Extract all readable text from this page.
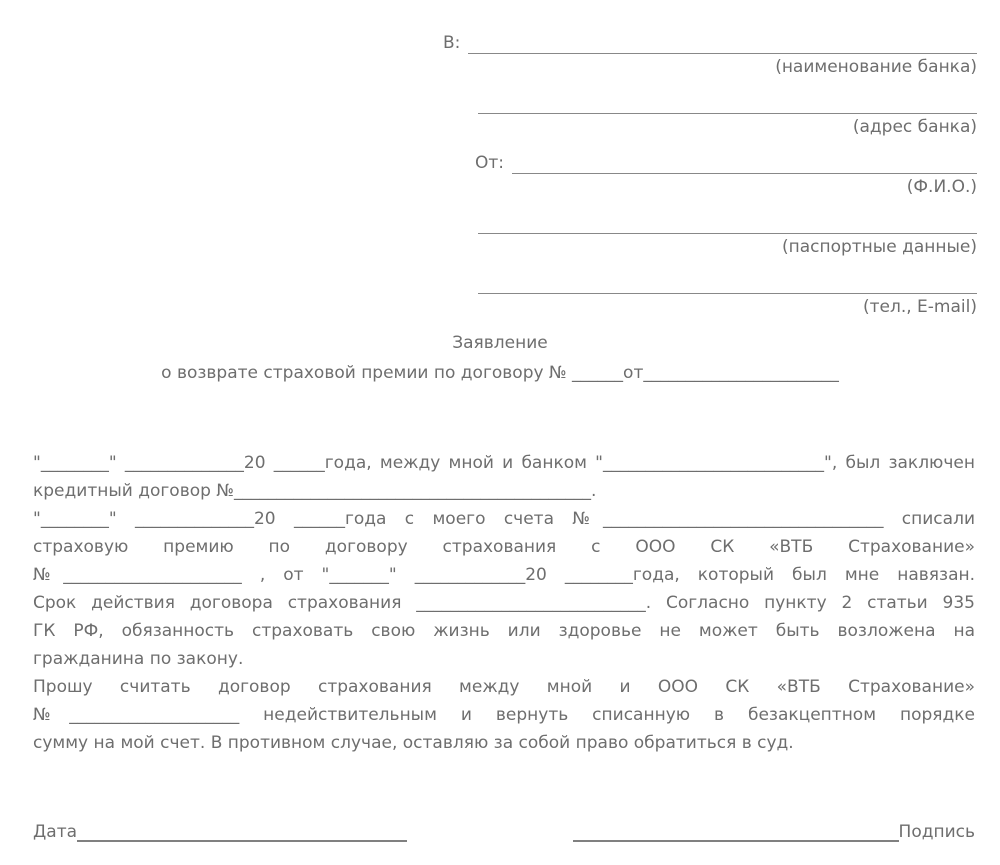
В:
(наименование банка)
(адрес банка)
От:
(Ф.И.О.)
(паспортные данные)
(тел., E-mail)
Заявление
о возврате страховой премии по договору № ______от_______________________
"________" ______________20 ______года, между мной и банком "__________________________", был заключен
кредитный договор №__________________________________________.
"________" ______________20 ______года с моего счета №_________________________________ списали
страховую премию по договору страхования с ООО СК «ВТБ Страхование»
№_____________________ , от "_______" _____________20 ________года, который был мне навязан.
Срок действия договора страхования ___________________________. Согласно пункту 2 статьи 935
ГК РФ, обязанность страховать свою жизнь или здоровье не может быть возложена на
гражданина по закону.
Прошу считать договор страхования между мной и ООО СК «ВТБ Страхование»
№____________________ недействительным и вернуть списанную в безакцептном порядке
сумму на мой счет. В противном случае, оставляю за собой право обратиться в суд.
Дата	Подпись
